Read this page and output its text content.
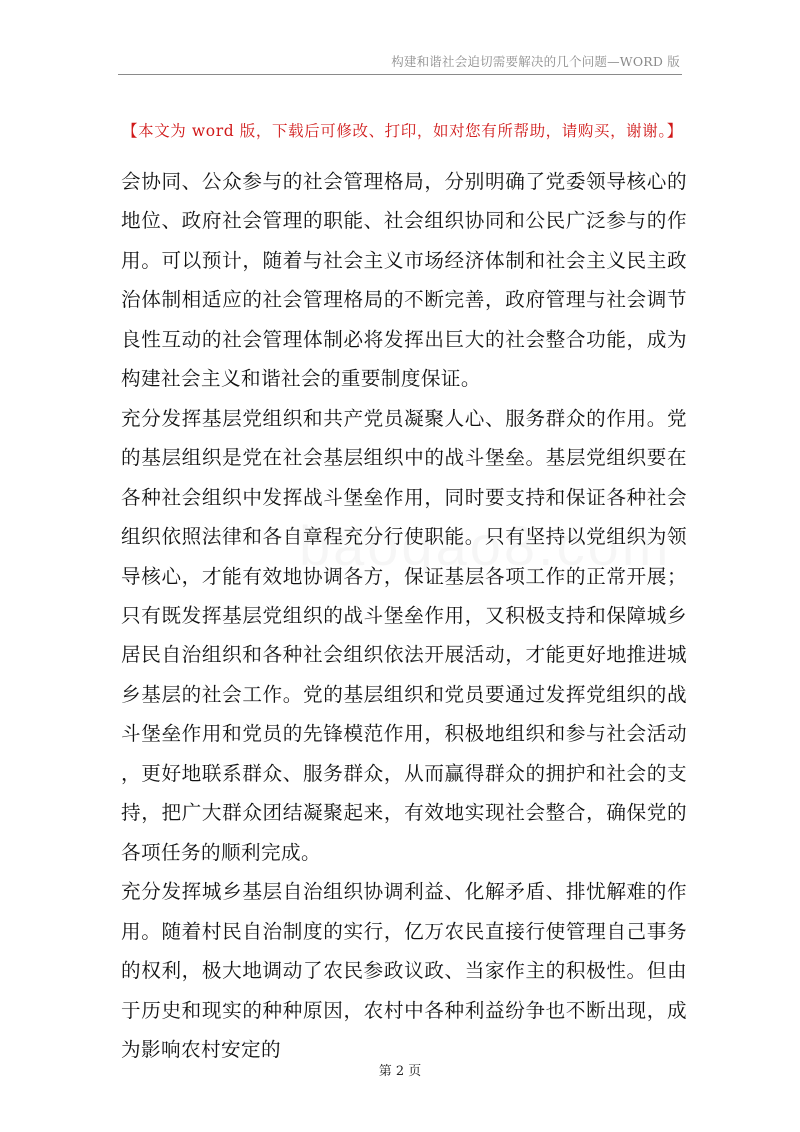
构建和谐社会迫切需要解决的几个问题—WORD 版
【本文为 word 版，下载后可修改、打印，如对您有所帮助，请购买，谢谢。】

会协同、公众参与的社会管理格局，分别明确了党委领导核心的地位、政府社会管理的职能、社会组织协同和公民广泛参与的作用。可以预计，随着与社会主义市场经济体制和社会主义民主政治体制相适应的社会管理格局的不断完善，政府管理与社会调节良性互动的社会管理体制必将发挥出巨大的社会整合功能，成为构建社会主义和谐社会的重要制度保证。

充分发挥基层党组织和共产党员凝聚人心、服务群众的作用。党的基层组织是党在社会基层组织中的战斗堡垒。基层党组织要在各种社会组织中发挥战斗堡垒作用，同时要支持和保证各种社会组织依照法律和各自章程充分行使职能。只有坚持以党组织为领导核心，才能有效地协调各方，保证基层各项工作的正常开展；只有既发挥基层党组织的战斗堡垒作用，又积极支持和保障城乡居民自治组织和各种社会组织依法开展活动，才能更好地推进城乡基层的社会工作。党的基层组织和党员要通过发挥党组织的战斗堡垒作用和党员的先锋模范作用，积极地组织和参与社会活动，更好地联系群众、服务群众，从而赢得群众的拥护和社会的支持，把广大群众团结凝聚起来，有效地实现社会整合，确保党的各项任务的顺利完成。

充分发挥城乡基层自治组织协调利益、化解矛盾、排忧解难的作用。随着村民自治制度的实行，亿万农民直接行使管理自己事务的权利，极大地调动了农民参政议政、当家作主的积极性。但由于历史和现实的种种原因，农村中各种利益纷争也不断出现，成为影响农村安定的

第 2 页
